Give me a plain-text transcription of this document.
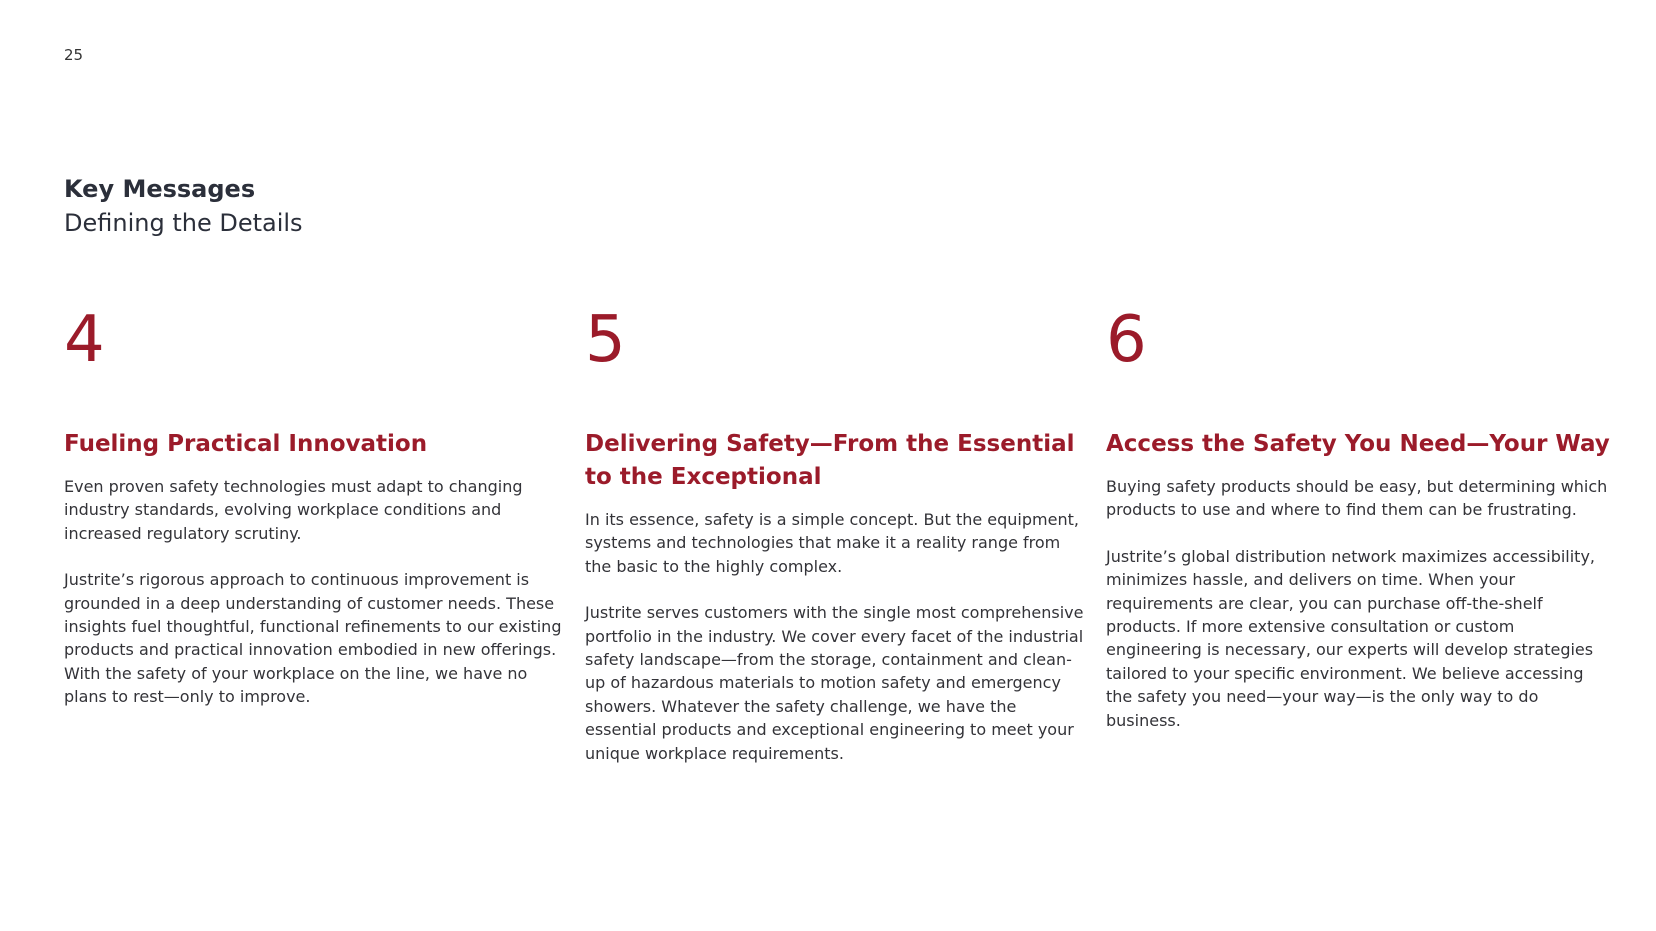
25
Key Messages
Defining the Details
4
Fueling Practical Innovation

Even proven safety technologies must adapt to changing industry standards, evolving workplace conditions and increased regulatory scrutiny.

Justrite’s rigorous approach to continuous improvement is grounded in a deep understanding of customer needs. These insights fuel thoughtful, functional refinements to our existing products and practical innovation embodied in new offerings. With the safety of your workplace on the line, we have no plans to rest—only to improve.

5
Delivering Safety—From the Essential to the Exceptional

In its essence, safety is a simple concept. But the equipment, systems and technologies that make it a reality range from the basic to the highly complex.

Justrite serves customers with the single most comprehensive portfolio in the industry. We cover every facet of the industrial safety landscape—from the storage, containment and clean-up of hazardous materials to motion safety and emergency showers. Whatever the safety challenge, we have the essential products and exceptional engineering to meet your unique workplace requirements.

6
Access the Safety You Need—Your Way

Buying safety products should be easy, but determining which products to use and where to find them can be frustrating.

Justrite’s global distribution network maximizes accessibility, minimizes hassle, and delivers on time. When your requirements are clear, you can purchase off-the-shelf products. If more extensive consultation or custom engineering is necessary, our experts will develop strategies tailored to your specific environment. We believe accessing the safety you need—your way—is the only way to do business.
